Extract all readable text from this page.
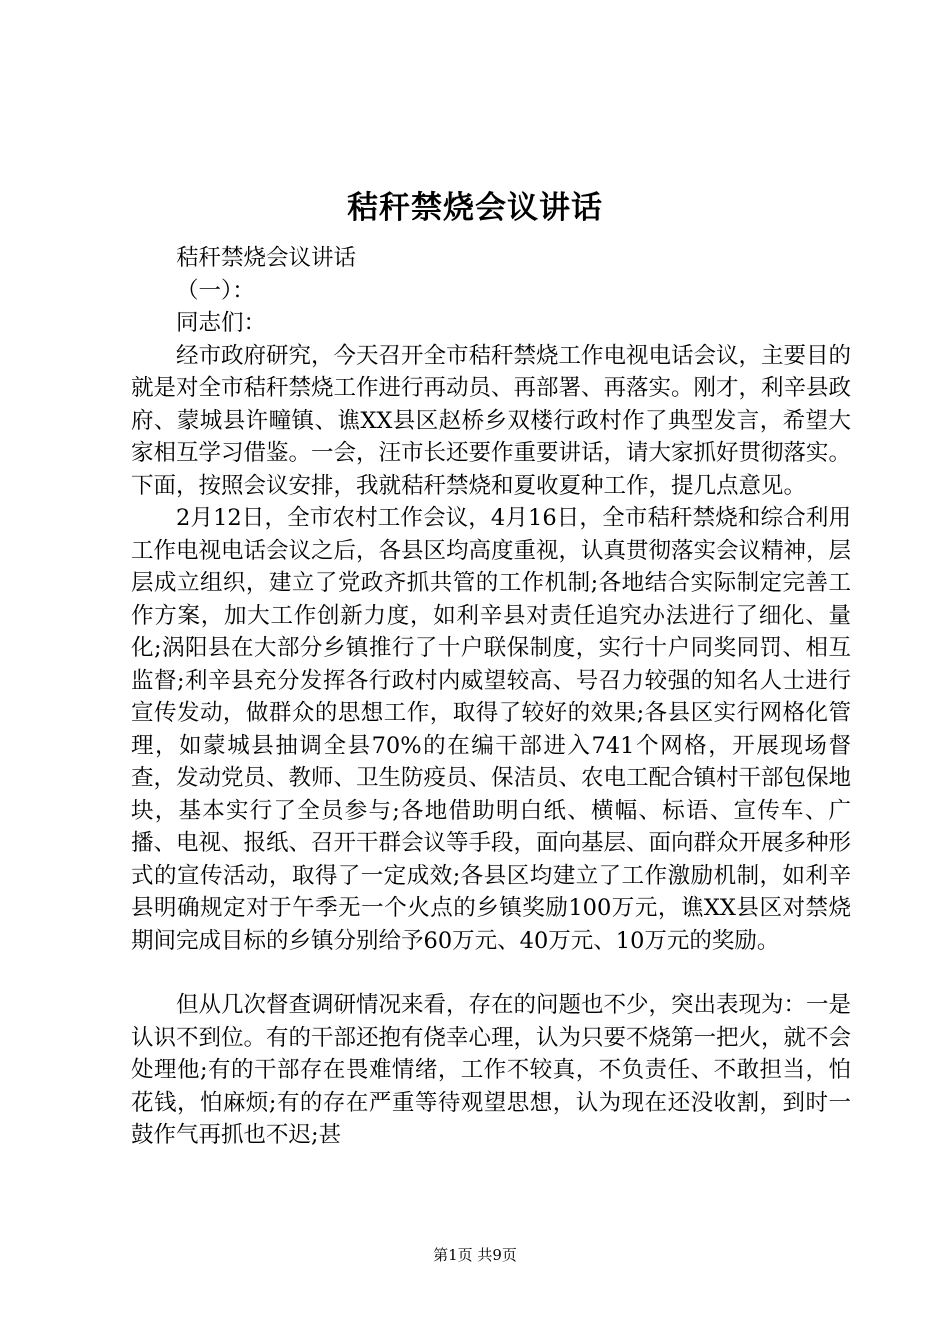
秸秆禁烧会议讲话

秸秆禁烧会议讲话

（一）：

同志们：

经市政府研究，今天召开全市秸秆禁烧工作电视电话会议，主要目的就是对全市秸秆禁烧工作进行再动员、再部署、再落实。刚才，利辛县政府、蒙城县许疃镇、谯XX县区赵桥乡双楼行政村作了典型发言，希望大家相互学习借鉴。一会，汪市长还要作重要讲话，请大家抓好贯彻落实。下面，按照会议安排，我就秸秆禁烧和夏收夏种工作，提几点意见。

2月12日，全市农村工作会议，4月16日，全市秸秆禁烧和综合利用工作电视电话会议之后，各县区均高度重视，认真贯彻落实会议精神，层层成立组织，建立了党政齐抓共管的工作机制;各地结合实际制定完善工作方案，加大工作创新力度，如利辛县对责任追究办法进行了细化、量化;涡阳县在大部分乡镇推行了十户联保制度，实行十户同奖同罚、相互监督;利辛县充分发挥各行政村内威望较高、号召力较强的知名人士进行宣传发动，做群众的思想工作，取得了较好的效果;各县区实行网格化管理，如蒙城县抽调全县70%的在编干部进入741个网格，开展现场督查，发动党员、教师、卫生防疫员、保洁员、农电工配合镇村干部包保地块，基本实行了全员参与;各地借助明白纸、横幅、标语、宣传车、广播、电视、报纸、召开干群会议等手段，面向基层、面向群众开展多种形式的宣传活动，取得了一定成效;各县区均建立了工作激励机制，如利辛县明确规定对于午季无一个火点的乡镇奖励100万元，谯XX县区对禁烧期间完成目标的乡镇分别给予60万元、40万元、10万元的奖励。

但从几次督查调研情况来看，存在的问题也不少，突出表现为：一是认识不到位。有的干部还抱有侥幸心理，认为只要不烧第一把火，就不会处理他;有的干部存在畏难情绪，工作不较真，不负责任、不敢担当，怕花钱，怕麻烦;有的存在严重等待观望思想，认为现在还没收割，到时一鼓作气再抓也不迟;甚

第1页 共9页
